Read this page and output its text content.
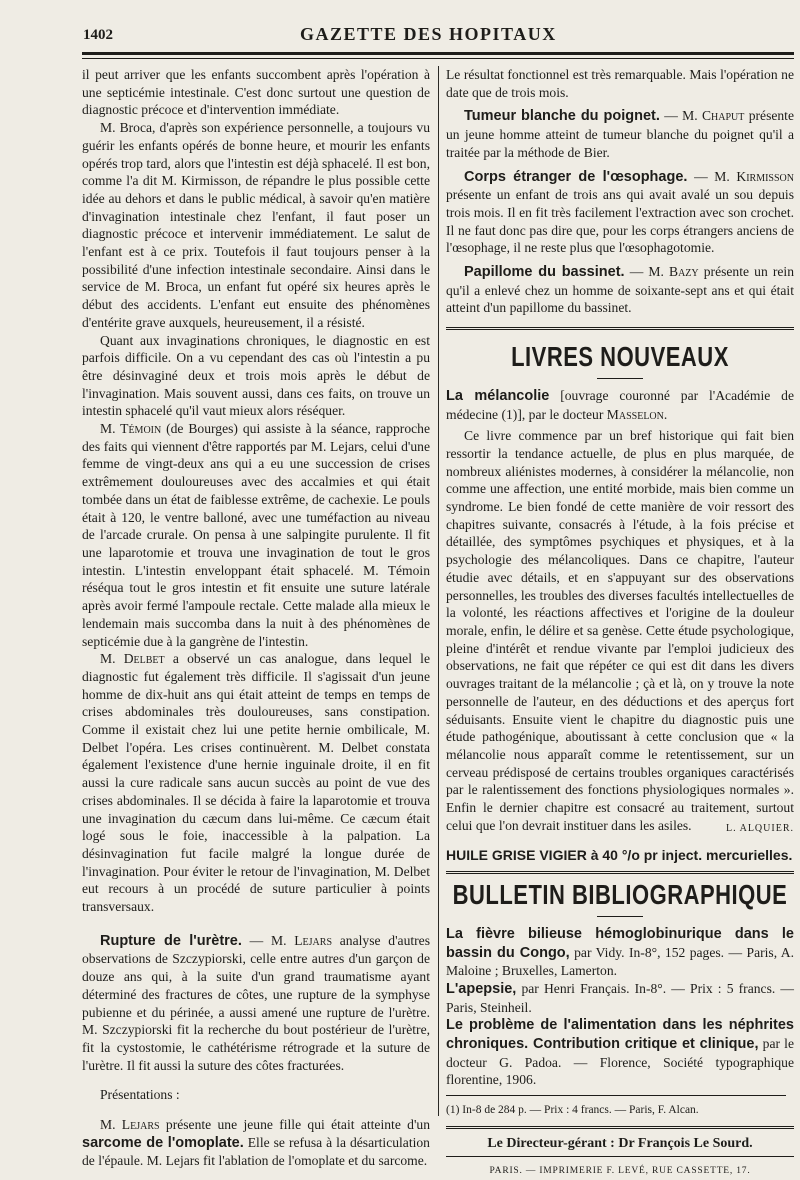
1402	GAZETTE DES HOPITAUX

il peut arriver que les enfants succombent après l'opération à une septicémie intestinale. C'est donc surtout une question de diagnostic précoce et d'intervention immédiate.

M. Broca, d'après son expérience personnelle, a toujours vu guérir les enfants opérés de bonne heure, et mourir les enfants opérés trop tard, alors que l'intestin est déjà sphacelé. Il est bon, comme l'a dit M. Kirmisson, de répandre le plus possible cette idée au dehors et dans le public médical, à savoir qu'en matière d'invagination intestinale chez l'enfant, il faut poser un diagnostic précoce et intervenir immédiatement. Le salut de l'enfant est à ce prix. Toutefois il faut toujours penser à la possibilité d'une infection intestinale secondaire. Ainsi dans le service de M. Broca, un enfant fut opéré six heures après le début des accidents. L'enfant eut ensuite des phénomènes d'entérite grave auxquels, heureusement, il a résisté.

Quant aux invaginations chroniques, le diagnostic en est parfois difficile. On a vu cependant des cas où l'intestin a pu être désinvaginé deux et trois mois après le début de l'invagination. Mais souvent aussi, dans ces faits, on trouve un intestin sphacelé qu'il vaut mieux alors réséquer.

M. Témoin (de Bourges) qui assiste à la séance, rapproche des faits qui viennent d'être rapportés par M. Lejars, celui d'une femme de vingt-deux ans qui a eu une succession de crises extrêmement douloureuses avec des accalmies et qui était tombée dans un état de faiblesse extrême, de cachexie. Le pouls était à 120, le ventre balloné, avec une tuméfaction au niveau de l'arcade crurale. On pensa à une salpingite purulente. Il fit une laparotomie et trouva une invagination de tout le gros intestin. L'intestin enveloppant était sphacelé. M. Témoin réséqua tout le gros intestin et fit ensuite une suture latérale après avoir fermé l'ampoule rectale. Cette malade alla mieux le lendemain mais succomba dans la nuit à des phénomènes de septicémie due à la gangrène de l'intestin.

M. Delbet a observé un cas analogue, dans lequel le diagnostic fut également très difficile. Il s'agissait d'un jeune homme de dix-huit ans qui était atteint de temps en temps de crises abdominales très douloureuses, sans constipation. Comme il existait chez lui une petite hernie ombilicale, M. Delbet l'opéra. Les crises continuèrent. M. Delbet constata également l'existence d'une hernie inguinale droite, il en fit aussi la cure radicale sans aucun succès au point de vue des crises abdominales. Il se décida à faire la laparotomie et trouva une invagination du cæcum dans lui-même. Ce cæcum était logé sous le foie, inaccessible à la palpation. La désinvagination fut facile malgré la longue durée de l'invagination. Pour éviter le retour de l'invagination, M. Delbet eut recours à un procédé de suture particulier à points transversaux.

Rupture de l'urètre. — M. Lejars analyse d'autres observations de Szczypiorski, celle entre autres d'un garçon de douze ans qui, à la suite d'un grand traumatisme ayant déterminé des fractures de côtes, une rupture de la symphyse pubienne et du périnée, a aussi amené une rupture de l'urètre. M. Szczypiorski fit la recherche du bout postérieur de l'urètre, fit la cystostomie, le cathétérisme rétrograde et la suture de l'urètre. Il fit aussi la suture des côtes fracturées.

Présentations :

M. Lejars présente une jeune fille qui était atteinte d'un sarcome de l'omoplate. Elle se refusa à la désarticulation de l'épaule. M. Lejars fit l'ablation de l'omoplate et du sarcome.

Le résultat fonctionnel est très remarquable. Mais l'opération ne date que de trois mois.

Tumeur blanche du poignet. — M. Chaput présente un jeune homme atteint de tumeur blanche du poignet qu'il a traitée par la méthode de Bier.

Corps étranger de l'œsophage. — M. Kirmisson présente un enfant de trois ans qui avait avalé un sou depuis trois mois. Il en fit très facilement l'extraction avec son crochet. Il ne faut donc pas dire que, pour les corps étrangers anciens de l'œsophage, il ne reste plus que l'œsophagotomie.

Papillome du bassinet. — M. Bazy présente un rein qu'il a enlevé chez un homme de soixante-sept ans et qui était atteint d'un papillome du bassinet.

LIVRES NOUVEAUX

La mélancolie [ouvrage couronné par l'Académie de médecine (1)], par le docteur Masselon.

Ce livre commence par un bref historique qui fait bien ressortir la tendance actuelle, de plus en plus marquée, de nombreux aliénistes modernes, à considérer la mélancolie, non comme une affection, une entité morbide, mais bien comme un syndrome. Le bien fondé de cette manière de voir ressort des chapitres suivante, consacrés à l'étude, à la fois précise et détaillée, des symptômes psychiques et physiques, et à la psychologie des mélancoliques. Dans ce chapitre, l'auteur étudie avec détails, et en s'appuyant sur des observations personnelles, les troubles des diverses facultés intellectuelles de la volonté, les réactions affectives et l'origine de la douleur morale, enfin, le délire et sa genèse. Cette étude psychologique, pleine d'intérêt et rendue vivante par l'emploi judicieux des observations, ne fait que répéter ce qui est dit dans les divers ouvrages traitant de la mélancolie ; çà et là, on y trouve la note personnelle de l'auteur, en des déductions et des aperçus fort séduisants. Ensuite vient le chapitre du diagnostic puis une étude pathogénique, aboutissant à cette conclusion que « la mélancolie nous apparaît comme le retentissement, sur un cerveau prédisposé de certains troubles organiques caractérisés par le ralentissement des fonctions physiologiques normales ». Enfin le dernier chapitre est consacré au traitement, surtout celui que l'on devrait instituer dans les asiles.	L. ALQUIER.

HUILE GRISE VIGIER à 40 °/o pr inject. mercurielles.
BULLETIN BIBLIOGRAPHIQUE

La fièvre bilieuse hémoglobinurique dans le bassin du Congo, par Vidy. In-8°, 152 pages. — Paris, A. Maloine ; Bruxelles, Lamerton.

L'apepsie, par Henri Français. In-8°. — Prix : 5 francs. — Paris, Steinheil.

Le problème de l'alimentation dans les néphrites chroniques. Contribution critique et clinique, par le docteur G. Padoa. — Florence, Société typographique florentine, 1906.

(1) In-8 de 284 p. — Prix : 4 francs. — Paris, F. Alcan.
Le Directeur-gérant : Dr François Le Sourd.
PARIS. — IMPRIMERIE F. LEVÉ, RUE CASSETTE, 17.
